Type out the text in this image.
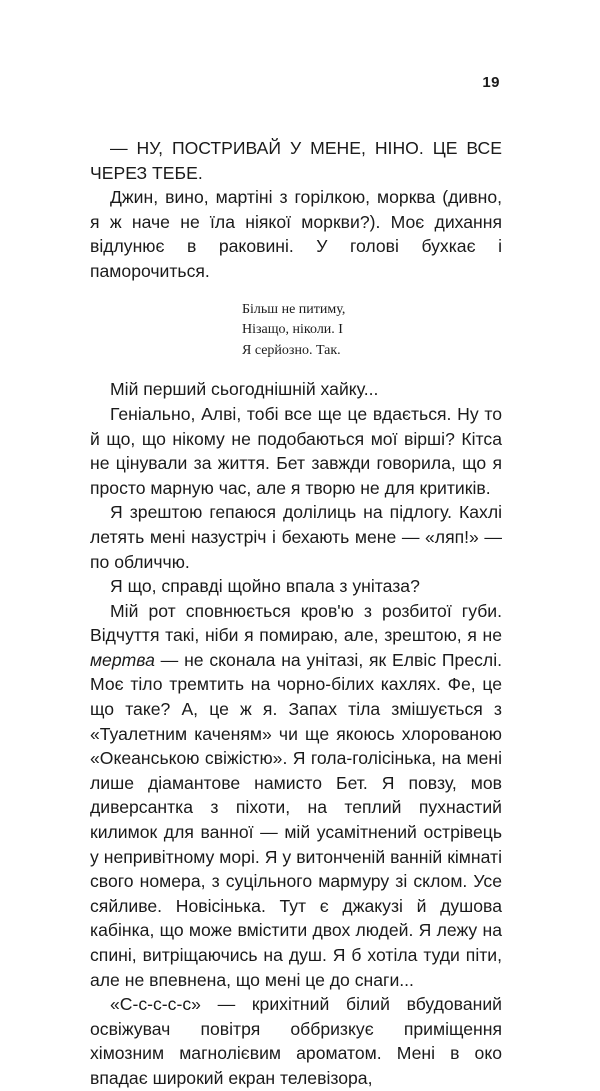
19

— НУ, ПОСТРИВАЙ У МЕНЕ, НІНО. ЦЕ ВСЕ ЧЕРЕЗ ТЕБЕ.

Джин, вино, мартіні з горілкою, морква (дивно, я ж наче не їла ніякої моркви?). Моє дихання відлунює в раковині. У голові бухкає і паморочиться.

Більш не питиму,
Нізащо, ніколи. І
Я серйозно. Так.

Мій перший сьогоднішній хайку...

Геніально, Алві, тобі все ще це вдається. Ну то й що, що нікому не подобаються мої вірші? Кітса не цінували за життя. Бет завжди говорила, що я просто марную час, але я творю не для критиків.

Я зрештою гепаюся долілиць на підлогу. Кахлі летять мені назустріч і бехають мене — «ляп!» — по обличчю.

Я що, справді щойно впала з унітаза?

Мій рот сповнюється кров'ю з розбитої губи. Відчуття такі, ніби я помираю, але, зрештою, я не мертва — не сконала на унітазі, як Елвіс Преслі. Моє тіло тремтить на чорно-білих кахлях. Фе, це що таке? А, це ж я. Запах тіла змішується з «Туалетним каченям» чи ще якоюсь хлорованою «Океанською свіжістю». Я гола-голісінька, на мені лише діамантове намисто Бет. Я повзу, мов диверсантка з піхоти, на теплий пухнастий килимок для ванної — мій усамітнений острівець у непривітному морі. Я у витонченій ванній кімнаті свого номера, з суцільного мармуру зі склом. Усе сяйливе. Новісінька. Тут є джакузі й душова кабінка, що може вмістити двох людей. Я лежу на спині, витріщаючись на душ. Я б хотіла туди піти, але не впевнена, що мені це до снаги...

«С-с-с-с-с» — крихітний білий вбудований освіжувач повітря оббризкує приміщення хімозним магнолієвим ароматом. Мені в око впадає широкий екран телевізора,
